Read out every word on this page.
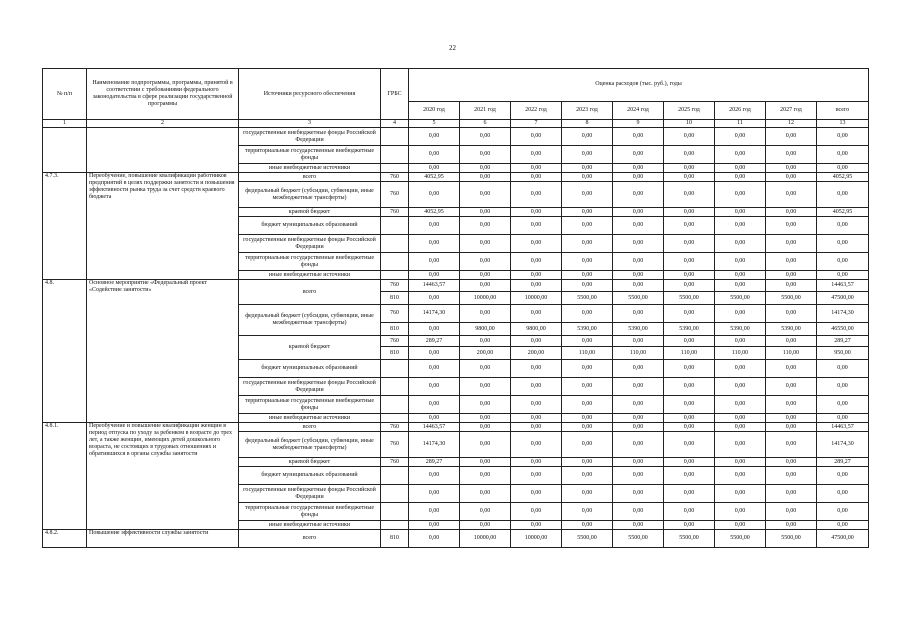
22
№ п/п	Наименование подпрограммы, программы, принятой в соответствии с требованиями федерального законодательства в сфере реализации государственной программы	Источники ресурсного обеспечения	ГРБС	Оценка расходов (тыс. руб.), годы								
				2020 год	2021 год	2022 год	2023 год	2024 год	2025 год	2026 год	2027 год	всего
1	2	3	4	5	6	7	8	9	10	11	12	13
		государственные внебюджетные фонды Российской Федерации		0,00	0,00	0,00	0,00	0,00	0,00	0,00	0,00	0,00
		территориальные государственные внебюджетные фонды		0,00	0,00	0,00	0,00	0,00	0,00	0,00	0,00	0,00
		иные внебюджетные источники		0,00	0,00	0,00	0,00	0,00	0,00	0,00	0,00	0,00
4.7.3.	Переобучение, повышение квалификации работников предприятий в целях поддержки занятости и повышения эффективности рынка труда за счет средств краевого бюджета	всего	760	4052,95	0,00	0,00	0,00	0,00	0,00	0,00	0,00	4052,95
		федеральный бюджет (субсидии, субвенции, иные межбюджетные трансферты)	760	0,00	0,00	0,00	0,00	0,00	0,00	0,00	0,00	0,00
		краевой бюджет	760	4052,95	0,00	0,00	0,00	0,00	0,00	0,00	0,00	4052,95
		бюджет муниципальных образований		0,00	0,00	0,00	0,00	0,00	0,00	0,00	0,00	0,00
		государственные внебюджетные фонды Российской Федерации		0,00	0,00	0,00	0,00	0,00	0,00	0,00	0,00	0,00
		территориальные государственные внебюджетные фонды		0,00	0,00	0,00	0,00	0,00	0,00	0,00	0,00	0,00
		иные внебюджетные источники		0,00	0,00	0,00	0,00	0,00	0,00	0,00	0,00	0,00
4.8.	Основное мероприятие «Федеральный проект «Содействие занятости»	всего	760	14463,57	0,00	0,00	0,00	0,00	0,00	0,00	0,00	14463,57
			810	0,00	10000,00	10000,00	5500,00	5500,00	5500,00	5500,00	5500,00	47500,00
		федеральный бюджет (субсидии, субвенции, иные межбюджетные трансферты)	760	14174,30	0,00	0,00	0,00	0,00	0,00	0,00	0,00	14174,30
			810	0,00	9800,00	9800,00	5390,00	5390,00	5390,00	5390,00	5390,00	46550,00
		краевой бюджет	760	289,27	0,00	0,00	0,00	0,00	0,00	0,00	0,00	289,27
			810	0,00	200,00	200,00	110,00	110,00	110,00	110,00	110,00	950,00
		бюджет муниципальных образований		0,00	0,00	0,00	0,00	0,00	0,00	0,00	0,00	0,00
		государственные внебюджетные фонды Российской Федерации		0,00	0,00	0,00	0,00	0,00	0,00	0,00	0,00	0,00
		территориальные государственные внебюджетные фонды		0,00	0,00	0,00	0,00	0,00	0,00	0,00	0,00	0,00
		иные внебюджетные источники		0,00	0,00	0,00	0,00	0,00	0,00	0,00	0,00	0,00
4.8.1.	Переобучение и повышение квалификации женщин в период отпуска по уходу за ребенком в возрасте до трех лет, а также женщин, имеющих детей дошкольного возраста, не состоящих в трудовых отношениях и обратившихся в органы службы занятости	всего	760	14463,57	0,00	0,00	0,00	0,00	0,00	0,00	0,00	14463,57
		федеральный бюджет (субсидии, субвенции, иные межбюджетные трансферты)	760	14174,30	0,00	0,00	0,00	0,00	0,00	0,00	0,00	14174,30
		краевой бюджет	760	289,27	0,00	0,00	0,00	0,00	0,00	0,00	0,00	289,27
		бюджет муниципальных образований		0,00	0,00	0,00	0,00	0,00	0,00	0,00	0,00	0,00
		государственные внебюджетные фонды Российской Федерации		0,00	0,00	0,00	0,00	0,00	0,00	0,00	0,00	0,00
		территориальные государственные внебюджетные фонды		0,00	0,00	0,00	0,00	0,00	0,00	0,00	0,00	0,00
		иные внебюджетные источники		0,00	0,00	0,00	0,00	0,00	0,00	0,00	0,00	0,00
4.8.2.	Повышение эффективности службы занятости	всего	810	0,00	10000,00	10000,00	5500,00	5500,00	5500,00	5500,00	5500,00	47500,00
